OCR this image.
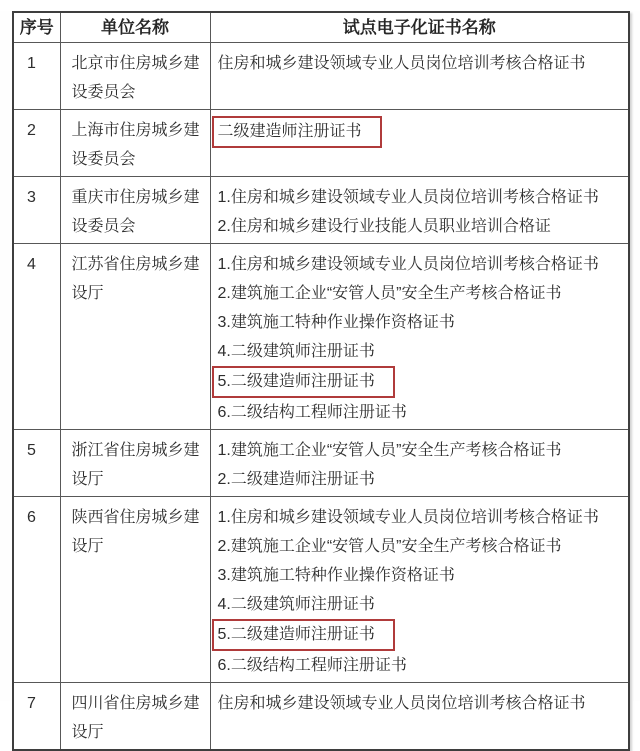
序号	单位名称	试点电子化证书名称
1	北京市住房城乡建设委员会	住房和城乡建设领域专业人员岗位培训考核合格证书

2	上海市住房城乡建设委员会	二级建造师注册证书

3	重庆市住房城乡建设委员会	1.住房和城乡建设领域专业人员岗位培训考核合格证书
2.住房和城乡建设行业技能人员职业培训合格证

4	江苏省住房城乡建设厅	
1.住房和城乡建设领域专业人员岗位培训考核合格证书
2.建筑施工企业“安管人员”安全生产考核合格证书
3.建筑施工特种作业操作资格证书
4.二级建筑师注册证书
5.二级建造师注册证书
6.二级结构工程师注册证书

5	浙江省住房城乡建设厅	1.建筑施工企业“安管人员”安全生产考核合格证书
2.二级建造师注册证书

6	陕西省住房城乡建设厅	
1.住房和城乡建设领域专业人员岗位培训考核合格证书
2.建筑施工企业“安管人员”安全生产考核合格证书
3.建筑施工特种作业操作资格证书
4.二级建筑师注册证书
5.二级建造师注册证书
6.二级结构工程师注册证书

7	四川省住房城乡建设厅	住房和城乡建设领域专业人员岗位培训考核合格证书
